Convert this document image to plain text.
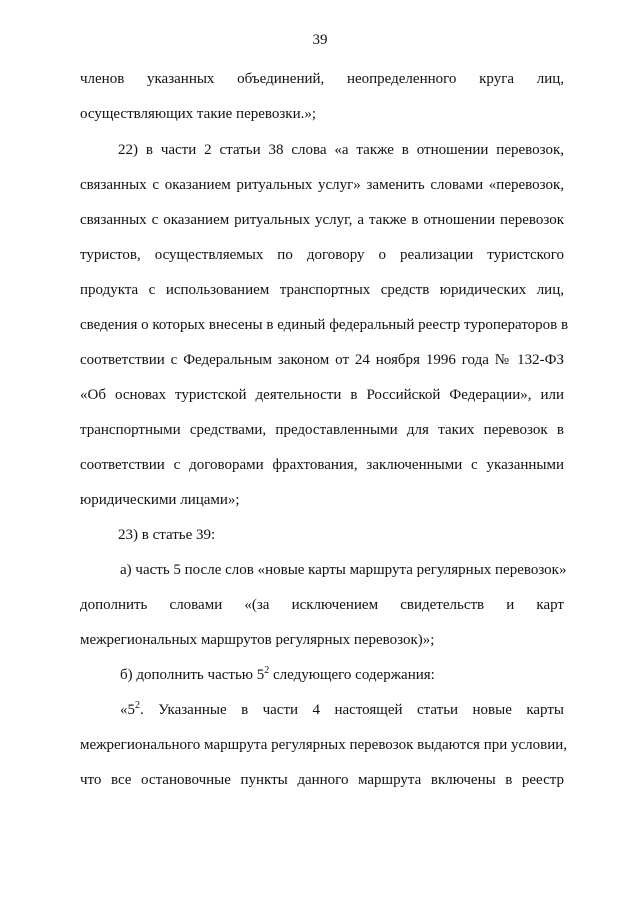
39
членов указанных объединений, неопределенного круга лиц,
осуществляющих такие перевозки.»;
22) в части 2 статьи 38 слова «а также в отношении перевозок,
связанных с оказанием ритуальных услуг» заменить словами «перевозок,
связанных с оказанием ритуальных услуг, а также в отношении перевозок
туристов, осуществляемых по договору о реализации туристского
продукта с использованием транспортных средств юридических лиц,
сведения о которых внесены в единый федеральный реестр туроператоров в
соответствии с Федеральным законом от 24 ноября 1996 года № 132-ФЗ
«Об основах туристской деятельности в Российской Федерации», или
транспортными средствами, предоставленными для таких перевозок в
соответствии с договорами фрахтования, заключенными с указанными
юридическими лицами»;
23) в статье 39:
а) часть 5 после слов «новые карты маршрута регулярных перевозок»
дополнить словами «(за исключением свидетельств и карт
межрегиональных маршрутов регулярных перевозок)»;
б) дополнить частью $5^2$ следующего содержания:
«$5^2$. Указанные в части 4 настоящей статьи новые карты
межрегионального маршрута регулярных перевозок выдаются при условии,
что все остановочные пункты данного маршрута включены в реестр
